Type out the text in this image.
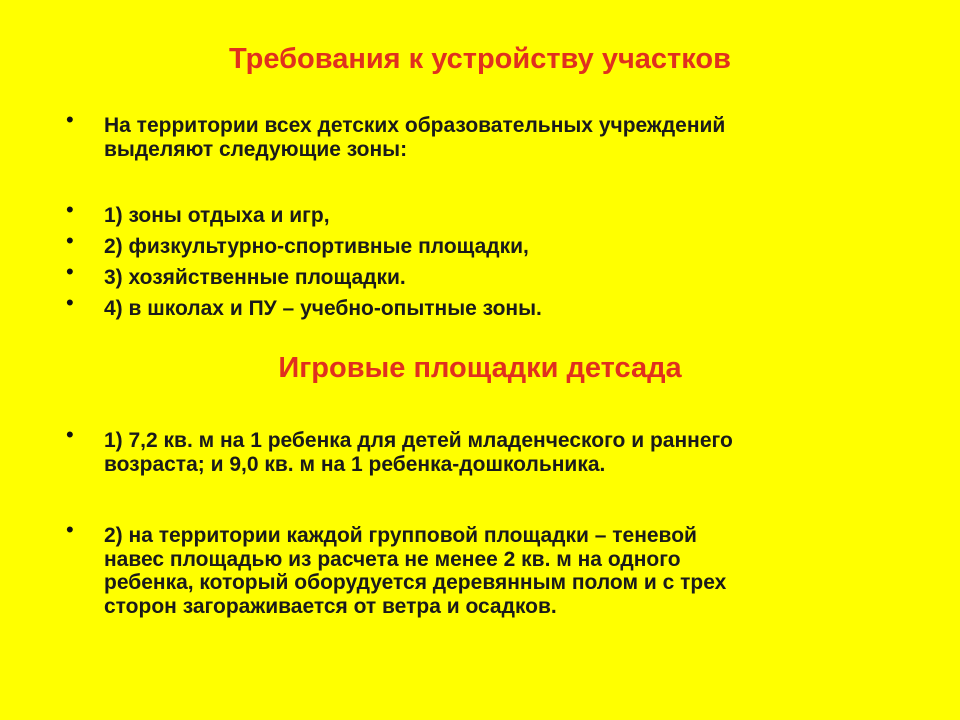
Требования к устройству участков
•	На территории всех детских образовательных учреждений
выделяют следующие зоны:
•	1) зоны отдыха и игр,
•	2) физкультурно-спортивные площадки,
•	3) хозяйственные площадки.
•	4) в школах и ПУ – учебно-опытные зоны.
Игровые площадки детсада
•	1) 7,2 кв. м на 1 ребенка для детей младенческого и раннего
возраста; и 9,0 кв. м на 1 ребенка-дошкольника.
•	2) на территории каждой групповой площадки – теневой
навес площадью из расчета не менее 2 кв. м на одного
ребенка, который оборудуется деревянным полом и с трех
сторон загораживается от ветра и осадков.
